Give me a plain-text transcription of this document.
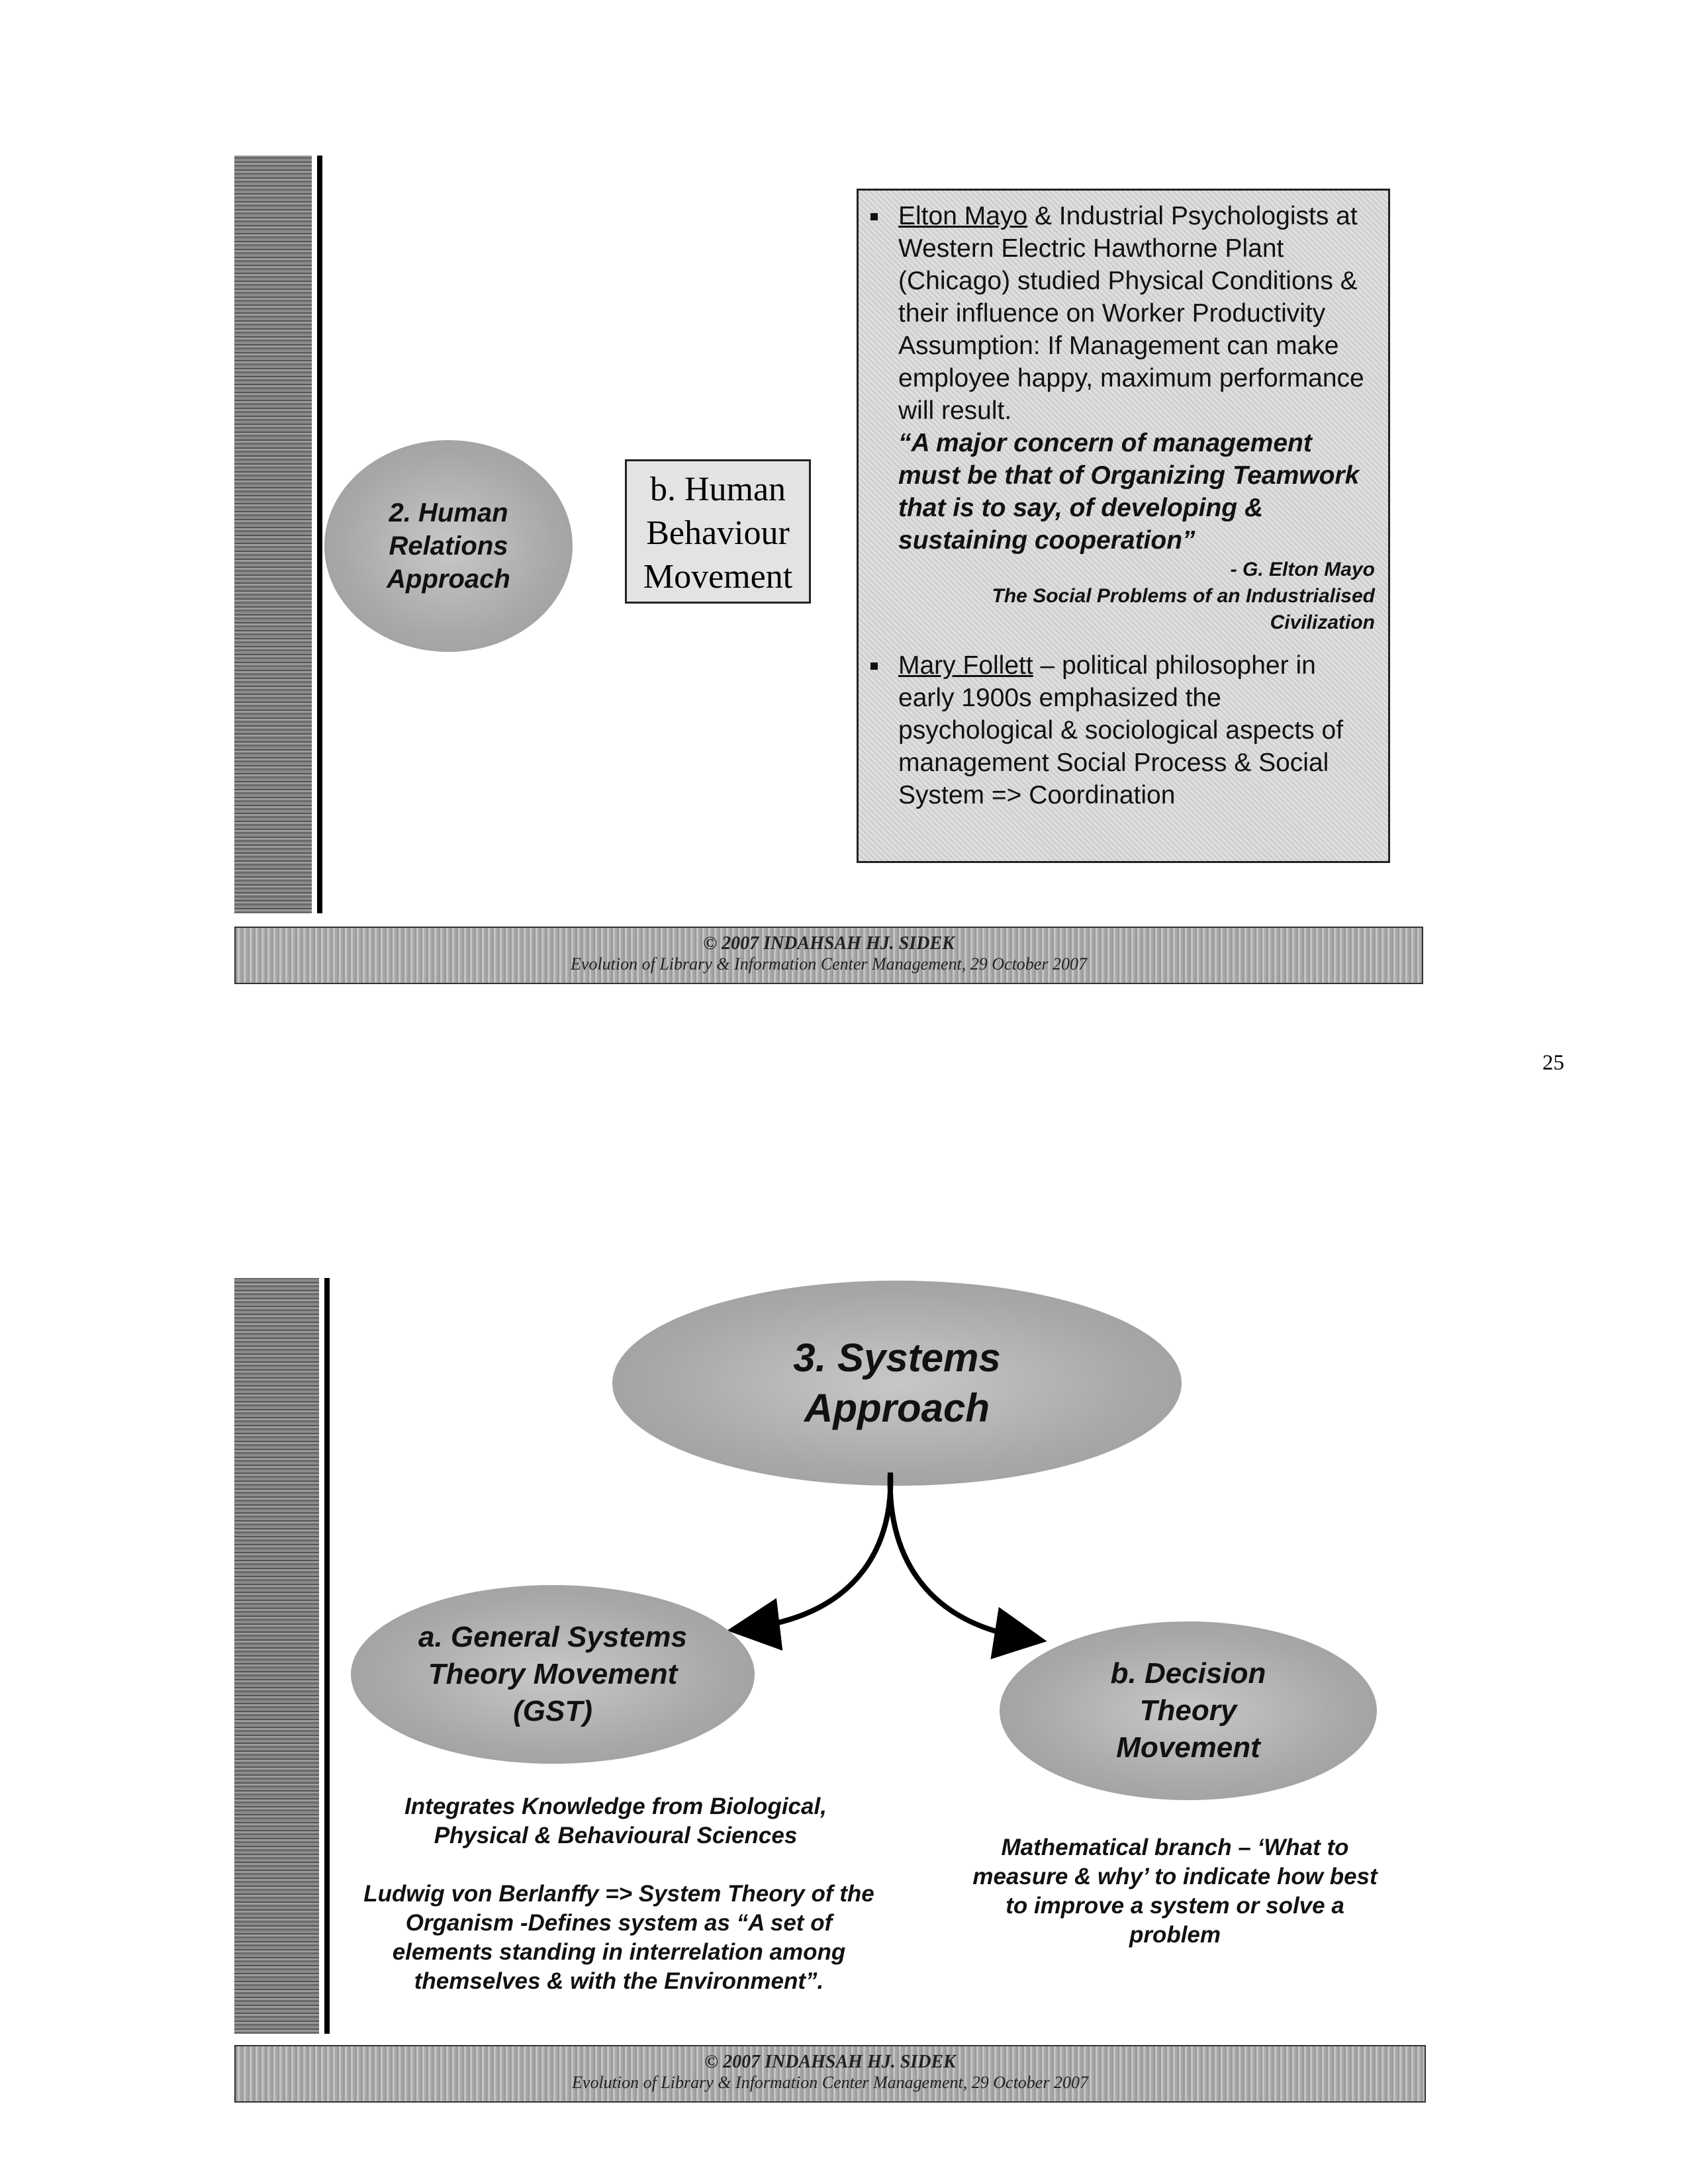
2. Human Relations Approach
b. Human Behaviour Movement
Elton Mayo & Industrial Psychologists at Western Electric Hawthorne Plant (Chicago) studied Physical Conditions & their influence on Worker Productivity Assumption: If Management can make employee happy, maximum performance will result.
“A major concern of management must be that of Organizing Teamwork that is to say, of developing & sustaining cooperation”
- G. Elton Mayo
The Social Problems of an Industrialised Civilization
Mary Follett – political philosopher in early 1900s emphasized the psychological & sociological aspects of management Social Process & Social System => Coordination
© 2007 INDAHSAH HJ. SIDEK
Evolution of Library & Information Center Management, 29 October 2007
25
3. Systems Approach
a. General Systems Theory Movement (GST)
b. Decision Theory Movement
Integrates Knowledge from Biological, Physical & Behavioural Sciences
Ludwig von Berlanffy => System Theory of the Organism -Defines system as “A set of elements standing in interrelation among themselves & with the Environment”.
Mathematical branch – ‘What to measure & why’ to indicate how best to improve a system or solve a problem
© 2007 INDAHSAH HJ. SIDEK
Evolution of Library & Information Center Management, 29 October 2007
